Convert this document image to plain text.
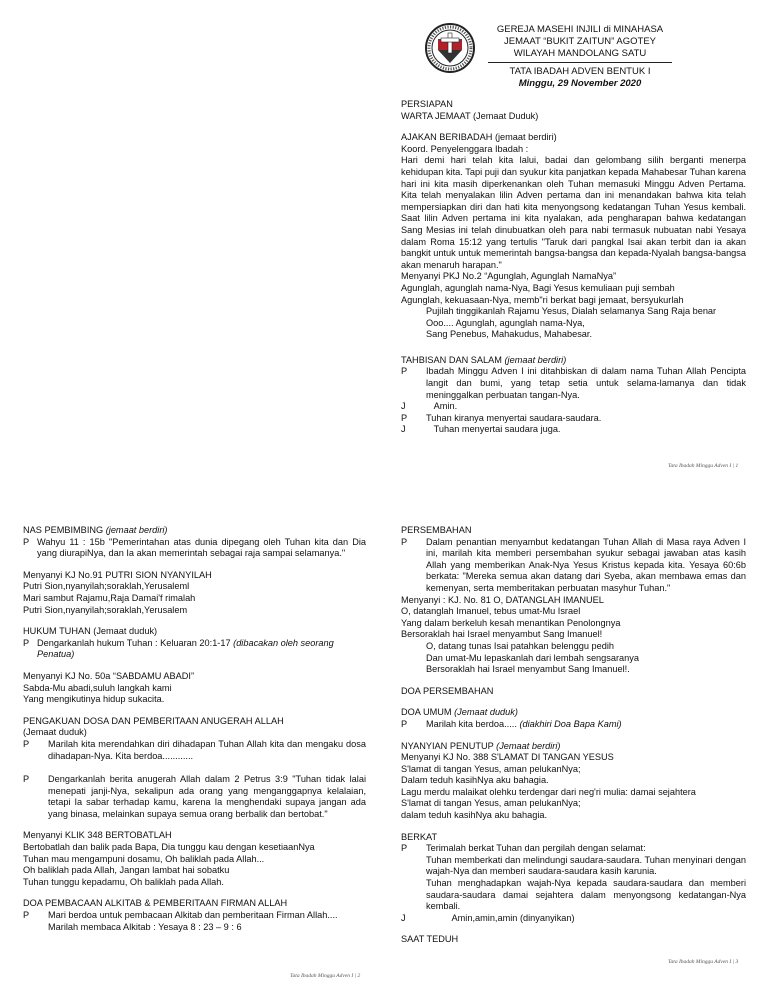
GEREJA MASEHI INJILI di MINAHASA
JEMAAT “BUKIT ZAITUN” AGOTEY
WILAYAH MANDOLANG SATU
TATA IBADAH ADVEN BENTUK I
Minggu, 29 November 2020
PERSIAPAN
WARTA JEMAAT (Jemaat Duduk)
AJAKAN BERIBADAH (jemaat berdiri)
Koord. Penyelenggara Ibadah :
Hari demi hari telah kita lalui, badai dan gelombang silih berganti menerpa kehidupan kita. Tapi puji dan syukur kita panjatkan kepada Mahabesar Tuhan karena hari ini kita masih diperkenankan oleh Tuhan memasuki Minggu Adven Pertama. Kita telah menyalakan lilin Adven pertama dan ini menandakan bahwa kita telah mempersiapkan diri dan hati kita menyongsong kedatangan Tuhan Yesus kembali. Saat lilin Adven pertama ini kita nyalakan, ada pengharapan bahwa kedatangan Sang Mesias ini telah dinubuatkan oleh para nabi termasuk nubuatan nabi Yesaya dalam Roma 15:12 yang tertulis "Taruk dari pangkal Isai akan terbit dan ia akan bangkit untuk untuk memerintah bangsa-bangsa dan kepada-Nyalah bangsa-bangsa akan menaruh harapan."
Menyanyi PKJ No.2 “Agunglah, Agunglah NamaNya”
Agunglah, agunglah nama-Nya, Bagi Yesus kemuliaan puji sembah
Agunglah, kekuasaan-Nya, memb"ri berkat bagi jemaat, bersyukurlah
Pujilah tinggikanlah Rajamu Yesus, Dialah selamanya Sang Raja benar
Ooo.... Agunglah, agunglah nama-Nya,
Sang Penebus, Mahakudus, Mahabesar.
TAHBISAN DAN SALAM (jemaat berdiri)
P	Ibadah Minggu Adven I ini ditahbiskan di dalam nama Tuhan Allah Pencipta langit dan bumi, yang tetap setia untuk selama-lamanya dan tidak meninggalkan perbuatan tangan-Nya.
J	Amin.
P	Tuhan kiranya menyertai saudara-saudara.
J	Tuhan menyertai saudara juga.
Tata Ibadah Minggu Adven I | 1
NAS PEMBIMBING (jemaat berdiri)
P Wahyu 11 : 15b "Pemerintahan atas dunia dipegang oleh Tuhan kita dan Dia yang diurapiNya, dan Ia akan memerintah sebagai raja sampai selamanya."
Menyanyi KJ No.91 PUTRI SION NYANYILAH
Putri Sion,nyanyilah;soraklah,Yerusaleml
Mari sambut Rajamu,Raja Damai'f rimalah
Putri Sion,nyanyilah;soraklah,Yerusalem
HUKUM TUHAN (Jemaat duduk)
P Dengarkanlah hukum Tuhan : Keluaran 20:1-17 (dibacakan oleh seorang Penatua)
Menyanyi KJ No. 50a “SABDAMU ABADI”
Sabda-Mu abadi,suluh langkah kami
Yang mengikutinya hidup sukacita.
PENGAKUAN DOSA DAN PEMBERITAAN ANUGERAH ALLAH
(Jemaat duduk)
P	Marilah kita merendahkan diri dihadapan Tuhan Allah kita dan mengaku dosa dihadapan-Nya. Kita berdoa............
P	Dengarkanlah berita anugerah Allah dalam 2 Petrus 3:9 "Tuhan tidak lalai menepati janji-Nya, sekalipun ada orang yang menganggapnya kelalaian, tetapi Ia sabar terhadap kamu, karena Ia menghendaki supaya jangan ada yang binasa, melainkan supaya semua orang berbalik dan bertobat."
Menyanyi KLIK 348 BERTOBATLAH
Bertobatlah dan balik pada Bapa, Dia tunggu kau dengan kesetiaanNya
Tuhan mau mengampuni dosamu, Oh baliklah pada Allah...
Oh baliklah pada Allah, Jangan lambat hai sobatku
Tuhan tunggu kepadamu, Oh baliklah pada Allah.
DOA PEMBACAAN ALKITAB & PEMBERITAAN FIRMAN ALLAH
P	Mari berdoa untuk pembacaan Alkitab dan pemberitaan Firman Allah....
Marilah membaca Alkitab : Yesaya 8 : 23 – 9 : 6
Tata Ibadah Minggu Adven I | 2
PERSEMBAHAN
P	Dalam penantian menyambut kedatangan Tuhan Allah di Masa raya Adven I ini, marilah kita memberi persembahan syukur sebagai jawaban atas kasih Allah yang memberikan Anak-Nya Yesus Kristus kepada kita. Yesaya 60:6b berkata: "Mereka semua akan datang dari Syeba, akan membawa emas dan kemenyan, serta memberitakan perbuatan masyhur Tuhan."
Menyanyi : KJ. No. 81 O, DATANGLAH IMANUEL
O, datanglah Imanuel, tebus umat-Mu Israel
Yang dalam berkeluh kesah menantikan Penolongnya
Bersoraklah hai Israel menyambut Sang Imanuel!
O, datang tunas Isai patahkan belenggu pedih
Dan umat-Mu lepaskanlah dari lembah sengsaranya
Bersoraklah hai Israel menyambut Sang Imanuel!.
DOA PERSEMBAHAN
DOA UMUM (Jemaat duduk)
P	Marilah kita berdoa..... (diakhiri Doa Bapa Kami)
NYANYIAN PENUTUP (Jemaat berdiri)
Menyanyi KJ No. 388 S'LAMAT DI TANGAN YESUS
S'lamat di tangan Yesus, aman pelukanNya;
Dalam teduh kasihNya aku bahagia.
Lagu merdu malaikat olehku terdengar dari neg'ri mulia: damai sejahtera
S'lamat di tangan Yesus, aman pelukanNya;
dalam teduh kasihNya aku bahagia.
BERKAT
P	Terimalah berkat Tuhan dan pergilah dengan selamat:
Tuhan memberkati dan melindungi saudara-saudara. Tuhan menyinari dengan wajah-Nya dan memberi saudara-saudara kasih karunia.
Tuhan menghadapkan wajah-Nya kepada saudara-saudara dan memberi saudara-saudara damai sejahtera dalam menyongsong kedatangan-Nya kembali.
J	Amin,amin,amin (dinyanyikan)
SAAT TEDUH
Tata Ibadah Minggu Adven I | 3
